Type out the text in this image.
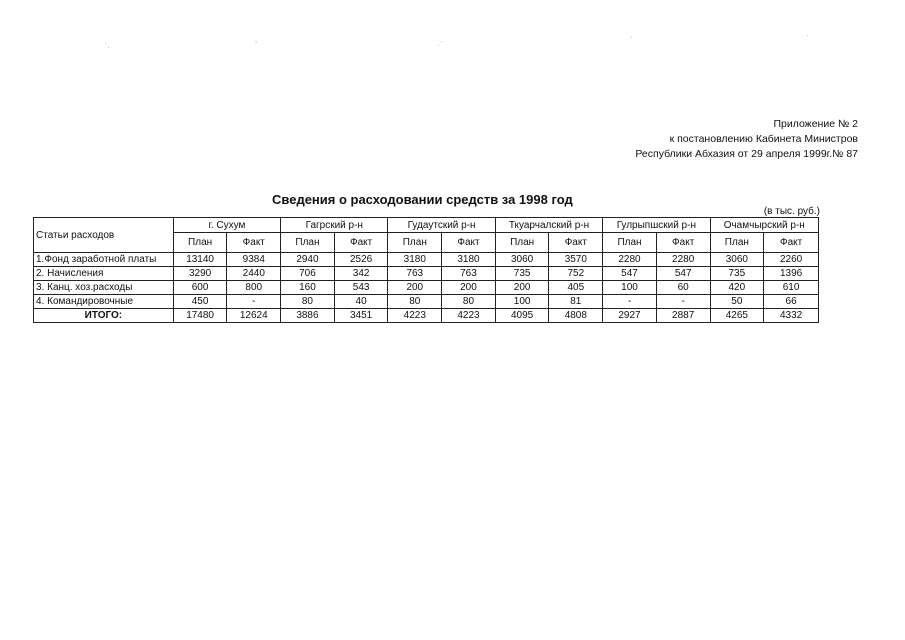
·ˌ	‚	ˌ·	ˈ	·
Приложение № 2
к постановлению Кабинета Министров
Республики Абхазия от 29 апреля 1999г.№ 87
Сведения о расходовании средств за 1998 год
(в тыс. руб.)
Статьи расходов	г. Сухум		Гагрский р-н		Гудаутский р-н		Ткуарчалский р-н		Гулрыпшский р-н		Очамчырский р-н	
	План	Факт	План	Факт	План	Факт	План	Факт	План	Факт	План	Факт
1.Фонд заработной платы	13140	9384	2940	2526	3180	3180	3060	3570	2280	2280	3060	2260
2. Начисления	3290	2440	706	342	763	763	735	752	547	547	735	1396
3. Канц. хоз.расходы	600	800	160	543	200	200	200	405	100	60	420	610
4. Командировочные	450	-	80	40	80	80	100	81	-	-	50	66
ИТОГО:	17480	12624	3886	3451	4223	4223	4095	4808	2927	2887	4265	4332
